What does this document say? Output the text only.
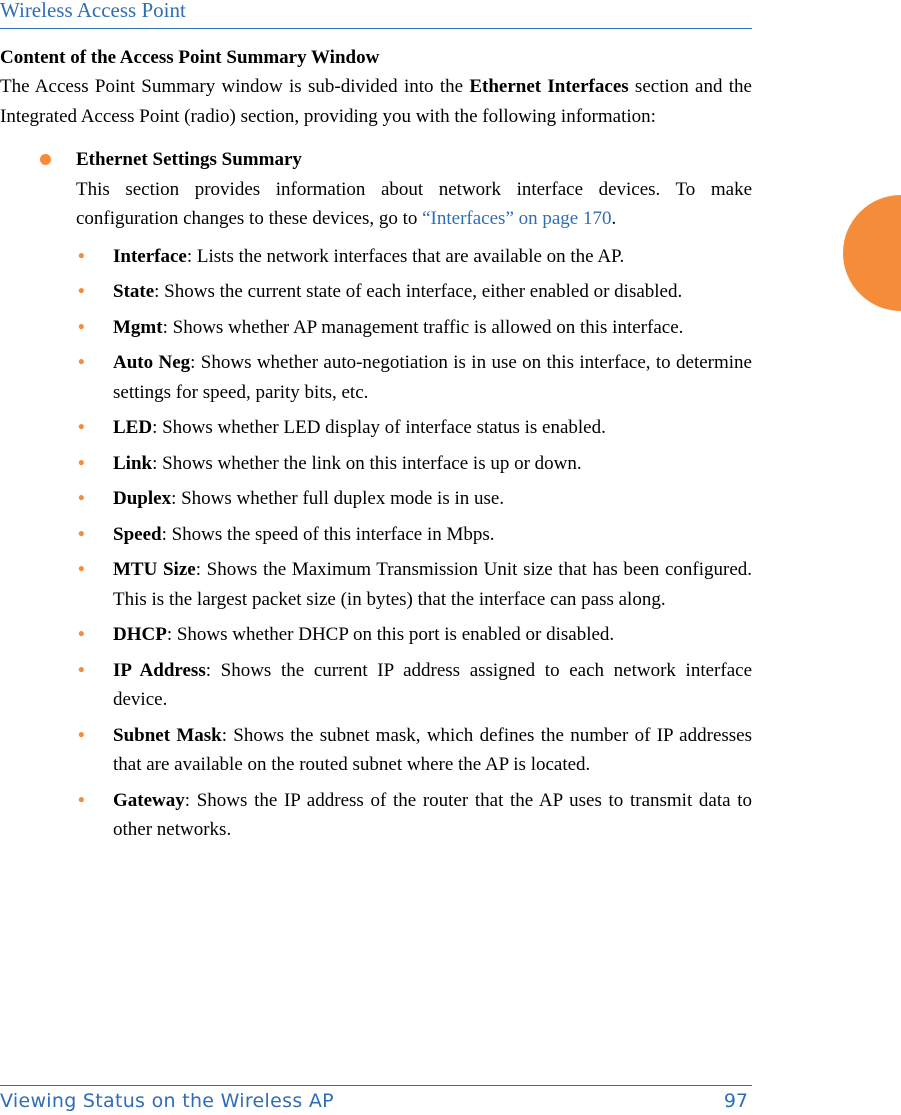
Wireless Access Point

Content of the Access Point Summary Window

The Access Point Summary window is sub-divided into the Ethernet Interfaces section and the Integrated Access Point (radio) section, providing you with the following information:

Ethernet Settings Summary

This section provides information about network interface devices. To make configuration changes to these devices, go to “Interfaces” on page 170.

• Interface: Lists the network interfaces that are available on the AP.
• State: Shows the current state of each interface, either enabled or disabled.
• Mgmt: Shows whether AP management traffic is allowed on this interface.
• Auto Neg: Shows whether auto-negotiation is in use on this interface, to determine settings for speed, parity bits, etc.
• LED: Shows whether LED display of interface status is enabled.
• Link: Shows whether the link on this interface is up or down.
• Duplex: Shows whether full duplex mode is in use.
• Speed: Shows the speed of this interface in Mbps.
• MTU Size: Shows the Maximum Transmission Unit size that has been configured. This is the largest packet size (in bytes) that the interface can pass along.
• DHCP: Shows whether DHCP on this port is enabled or disabled.
• IP Address: Shows the current IP address assigned to each network interface device.
• Subnet Mask: Shows the subnet mask, which defines the number of IP addresses that are available on the routed subnet where the AP is located.
• Gateway: Shows the IP address of the router that the AP uses to transmit data to other networks.
Viewing Status on the Wireless AP	97
